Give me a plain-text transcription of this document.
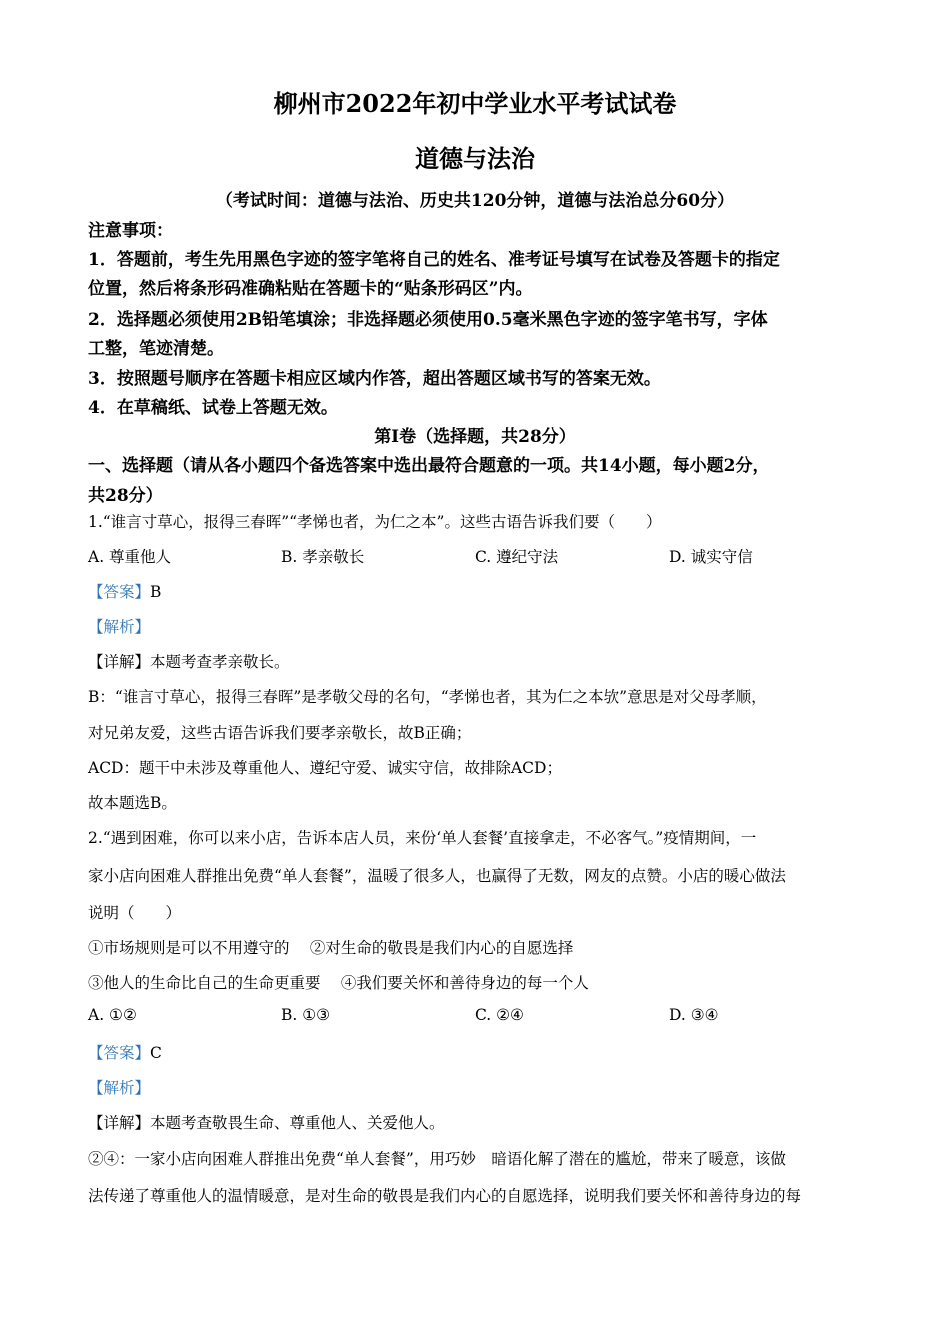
柳州市2022年初中学业水平考试试卷
道德与法治
（考试时间：道德与法治、历史共120分钟，道德与法治总分60分）
注意事项：
1．答题前，考生先用黑色字迹的签字笔将自己的姓名、准考证号填写在试卷及答题卡的指定
位置，然后将条形码准确粘贴在答题卡的“贴条形码区”内。
2．选择题必须使用2B铅笔填涂；非选择题必须使用0.5毫米黑色字迹的签字笔书写，字体
工整，笔迹清楚。
3．按照题号顺序在答题卡相应区域内作答，超出答题区域书写的答案无效。
4．在草稿纸、试卷上答题无效。
第Ⅰ卷（选择题，共28分）
一、选择题（请从各小题四个备选答案中选出最符合题意的一项。共14小题，每小题2分，
共28分）
1.“谁言寸草心，报得三春晖”“孝悌也者，为仁之本”。这些古语告诉我们要（　　）
A. 尊重他人	B. 孝亲敬长	C. 遵纪守法	D. 诚实守信
【答案】B
【解析】
【详解】本题考查孝亲敬长。
B：“谁言寸草心，报得三春晖”是孝敬父母的名句，“孝悌也者，其为仁之本欤”意思是对父母孝顺，
对兄弟友爱，这些古语告诉我们要孝亲敬长，故B正确；
ACD：题干中未涉及尊重他人、遵纪守爱、诚实守信，故排除ACD；
故本题选B。
2.“遇到困难，你可以来小店，告诉本店人员，来份‘单人套餐’直接拿走，不必客气。”疫情期间，一
家小店向困难人群推出免费“单人套餐”，温暖了很多人，也赢得了无数，网友的点赞。小店的暖心做法
说明（　　）
①市场规则是可以不用遵守的　 ②对生命的敬畏是我们内心的自愿选择
③他人的生命比自己的生命更重要　 ④我们要关怀和善待身边的每一个人
A. ①②	B. ①③	C. ②④	D. ③④
【答案】C
【解析】
【详解】本题考查敬畏生命、尊重他人、关爱他人。
②④：一家小店向困难人群推出免费“单人套餐”，用巧妙　暗语化解了潜在的尴尬，带来了暖意，该做
法传递了尊重他人的温情暖意，是对生命的敬畏是我们内心的自愿选择，说明我们要关怀和善待身边的每
